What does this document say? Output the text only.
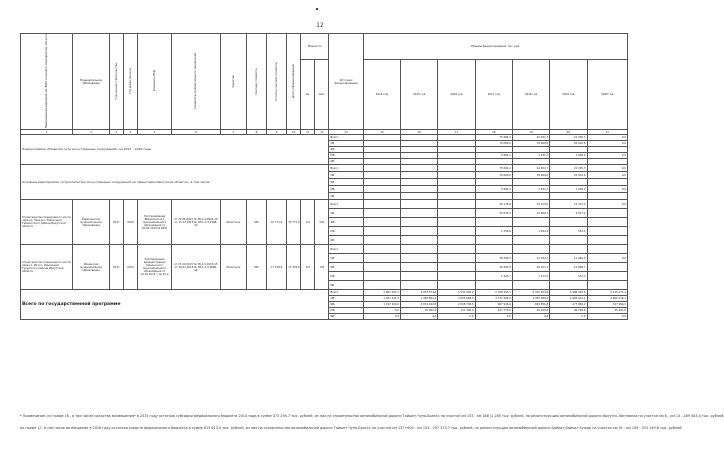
12
Наименование мероприятия, ВЦП, основного мероприятия, объекта	Муниципальное образование	Год начала строительства	Год ввода объекта	Реквизиты ПСД	Реквизиты положительного заключения	Заказчик	Сметная стоимость	Остаток сметной стоимости	Доля софинансирования	Мощность		Источник финансирования	Объемы финансирования, тыс. руб.						
										ед.	вел.		2014 год	2015 год	2016 год	2017 год	2018 год	2019 год	2020 год
1	2	3	4	5	6	7	8	9	10	11	12	13	15	16	17	18	19	20	21
Подпрограмма «Развитие сети искусственных сооружений» на 2017 – 2020 годы												Всего				75 684,2	42 631,7	21 005,3	0,0
												ОБ				70 000,0	39 000,0	20 010,6	0,0
												ФБ							
												МБ				5 684,2	2 631,7	1 090,0	0,0
												ИИ							
Основное мероприятие «Строительство искусственных сооружений на территории Иркутской области», в том числе:												Всего				75 684,2	42 631,7	21 005,3	0,0
												ОБ				70 000,0	39 000,0	20 010,6	0,0
												ФБ							
												МБ				5 684,2	2 631,7	1 090,0	0,0
												ИИ							
Строительство пешеходного моста через р. Чуна в п. Бирюсинск Тайшетского района Иркутской области	Бирюсинское муниципальное образование	2017	2019	Постановление Бирюсинского муниципального образования от 25.05.2015 № 86-П	от 20.05.2015 № 38-1-4-0944-15 от 15.12.2015 № 38-1-1-3-2396-15	областное	ГБУ	70 771,5	70 771,5	0,0	202	Всего				35 176,8	25 125,0	10 473,4	0,0
												ОБ				33 630,3	23 000,7	9 917,2	
												ФБ							
												МБ				1 556,8	1 294,3	553,1	
												ИИ							
Строительство пешеходного моста через р. Ия в п. Ильинский Тулунского района Иркутской области	Ильинское муниципальное образование	2017	2019	Распоряжение администрации Ильинского муниципального образования от 14.10.2014 г. № 15-р	от 27.09.2015 № 38-1-5-1003-15 от 28.01.2016 № 38-1-1-3-0080-16	областное	ГБУ	77 478,6	77 478,6	0,0	105	Всего							
												ОБ				38 509,5	27 794,7	11 464,0	0,0
												ФБ				36 583,8	26 251,3	10 899,7	
												МБ				1 925,7	1 373,4	573,3	
												ИИ							
Всего по государственной программе												Всего	2 661 202,7	4 033 574,6	5 541 006,2	5 708 453,7	5 475 633,0	5 386 545,8	5 419 171,1
												ОБ	1 401 202,7	1 958 802,2	4 435 668,9	4 727 209,2	3 955 899,2	2 909 001,1	2 900 216,1
												ФБ	1 197 160,0	2 074 420,8	2 008 736,5	967 936,0	665 856,8	477 984,2	327 984,2
												МБ	0,0	70 000,0	131 300,0	237 775,6	40 295,8	40 295,8	35 301,0
												ИИ	0,0	0,0	0,0	0,0	0,0	0,0	0,0
* Примечание: по графе 16 , в том числе средства возмещения* в 2015 году остатков субсидии федерального бюджета 2014 года в сумме 473 294,7 тыс. рублей, из них на строительство автомобильной дороги Тайшет-Чуна-Братск на участке км 153 - км 168 (1 285 тыс. рублей, на реконструкцию автомобильной дороги Иркутск-Листвянка на участке км 6 - км 13 - 289 083,4 тыс. рублей;
по графе 17, в том числе возмещение в 2016 году остатков средств федерального бюджета в сумме 615 613,5 тыс. рублей, из них на строительство автомобильной дороги Тайшет-Чуна-Братск на участке км 137+600 - км 153 - 297 373,7 тыс. рублей, на реконструкцию автомобильной дороги Байкал Байкал Хужир на участке км 91 - км 109 - 315 249,6 тыс. рублей.
